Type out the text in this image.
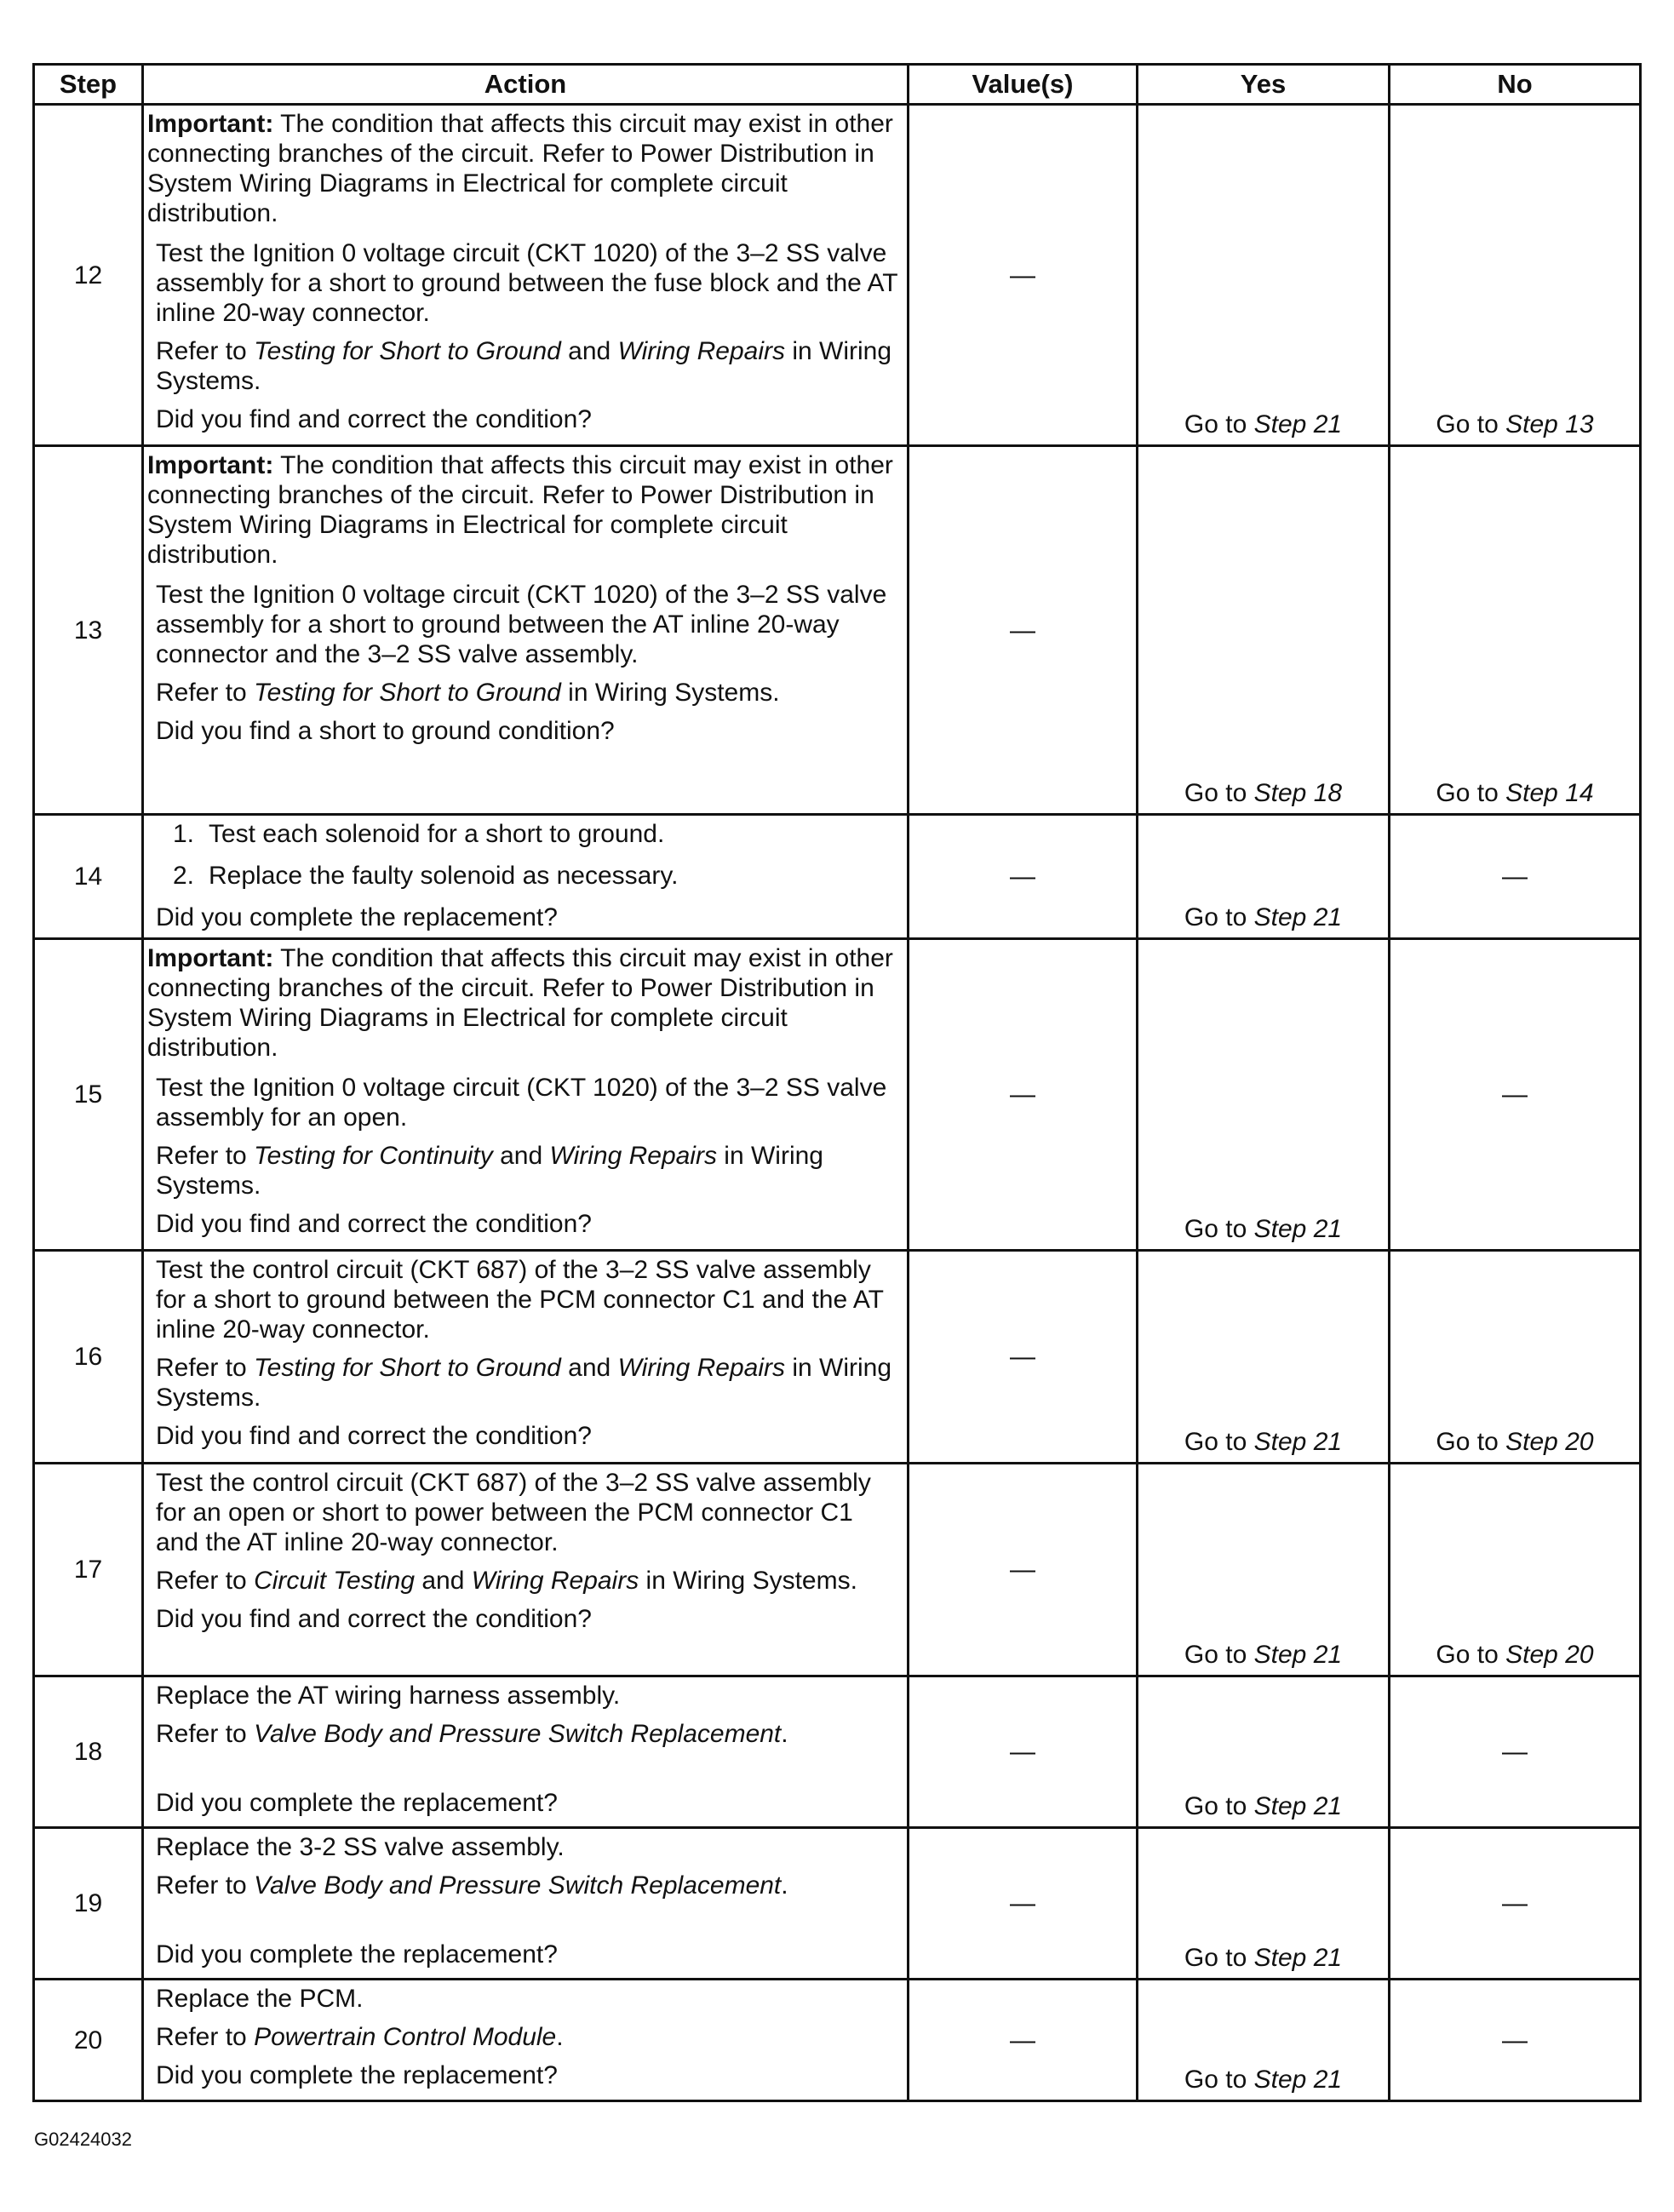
Step	Action	Value(s)	Yes	No
12	Important: The condition that affects this circuit may exist in other connecting branches of the circuit. Refer to Power Distribution in System Wiring Diagrams in Electrical for complete circuit distribution.
Test the Ignition 0 voltage circuit (CKT 1020) of the 3–2 SS valve assembly for a short to ground between the fuse block and the AT inline 20-way connector.
Refer to Testing for Short to Ground and Wiring Repairs in Wiring Systems.
Did you find and correct the condition?	—	Go to Step 21	Go to Step 13
13	Important: The condition that affects this circuit may exist in other connecting branches of the circuit. Refer to Power Distribution in System Wiring Diagrams in Electrical for complete circuit distribution.
Test the Ignition 0 voltage circuit (CKT 1020) of the 3–2 SS valve assembly for a short to ground between the AT inline 20-way connector and the 3–2 SS valve assembly.
Refer to Testing for Short to Ground in Wiring Systems.
Did you find a short to ground condition?	—	Go to Step 18	Go to Step 14
14	1. Test each solenoid for a short to ground.
2. Replace the faulty solenoid as necessary.
Did you complete the replacement?	—	Go to Step 21	—
15	Important: The condition that affects this circuit may exist in other connecting branches of the circuit. Refer to Power Distribution in System Wiring Diagrams in Electrical for complete circuit distribution.
Test the Ignition 0 voltage circuit (CKT 1020) of the 3–2 SS valve assembly for an open.
Refer to Testing for Continuity and Wiring Repairs in Wiring Systems.
Did you find and correct the condition?	—	Go to Step 21	—
16	Test the control circuit (CKT 687) of the 3–2 SS valve assembly for a short to ground between the PCM connector C1 and the AT inline 20-way connector.
Refer to Testing for Short to Ground and Wiring Repairs in Wiring Systems.
Did you find and correct the condition?	—	Go to Step 21	Go to Step 20
17	Test the control circuit (CKT 687) of the 3–2 SS valve assembly for an open or short to power between the PCM connector C1 and the AT inline 20-way connector.
Refer to Circuit Testing and Wiring Repairs in Wiring Systems.
Did you find and correct the condition?	—	Go to Step 21	Go to Step 20
18	Replace the AT wiring harness assembly.
Refer to Valve Body and Pressure Switch Replacement.
Did you complete the replacement?	—	Go to Step 21	—
19	Replace the 3-2 SS valve assembly.
Refer to Valve Body and Pressure Switch Replacement.
Did you complete the replacement?	—	Go to Step 21	—
20	Replace the PCM.
Refer to Powertrain Control Module.
Did you complete the replacement?	—	Go to Step 21	—
G02424032
